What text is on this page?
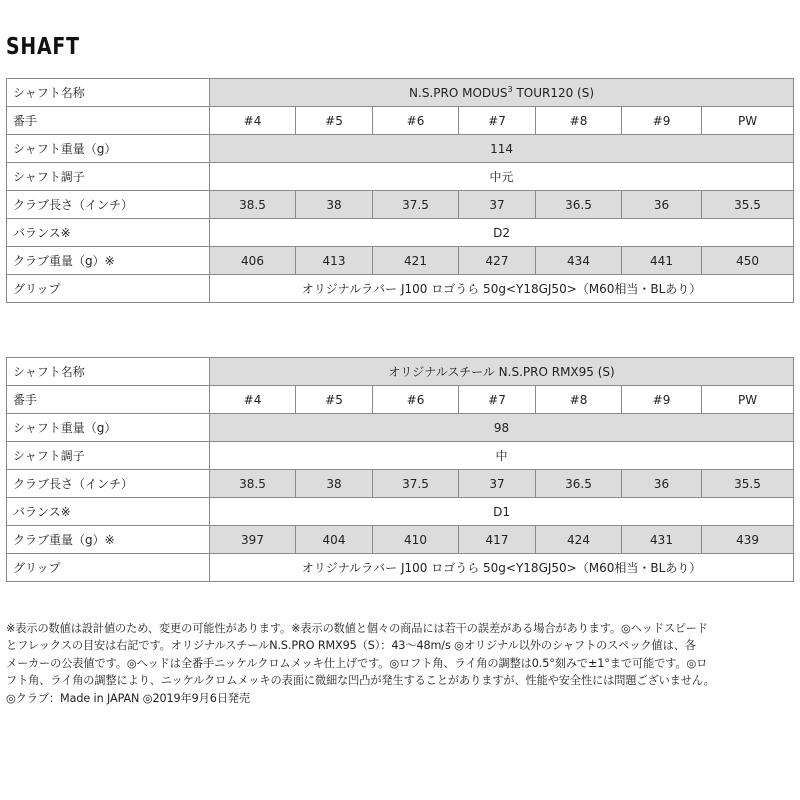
SHAFT
シャフト名称	N.S.PRO MODUS$^3$ TOUR120 (S)						
番手	#4	#5	#6	#7	#8	#9	PW
シャフト重量（g）	114						
シャフト調子	中元						
クラブ長さ（インチ）	38.5	38	37.5	37	36.5	36	35.5
バランス※	D2						
クラブ重量（g）※	406	413	421	427	434	441	450
グリップ	オリジナルラバー J100 ロゴうら 50g<Y18GJ50>（M60相当・BLあり）						
シャフト名称	オリジナルスチール N.S.PRO RMX95 (S)						
番手	#4	#5	#6	#7	#8	#9	PW
シャフト重量（g）	98						
シャフト調子	中						
クラブ長さ（インチ）	38.5	38	37.5	37	36.5	36	35.5
バランス※	D1						
クラブ重量（g）※	397	404	410	417	424	431	439
グリップ	オリジナルラバー J100 ロゴうら 50g<Y18GJ50>（M60相当・BLあり）						
※表示の数値は設計値のため、変更の可能性があります。※表示の数値と個々の商品には若干の誤差がある場合があります。◎ヘッドスピード
とフレックスの目安は右記です。オリジナルスチールN.S.PRO RMX95（S）：43〜48m/s ◎オリジナル以外のシャフトのスペック値は、各
メーカーの公表値です。◎ヘッドは全番手ニッケルクロムメッキ仕上げです。◎ロフト角、ライ角の調整は0.5°刻みで±1°まで可能です。◎ロ
フト角、ライ角の調整により、ニッケルクロムメッキの表面に微細な凹凸が発生することがありますが、性能や安全性には問題ございません。
◎クラブ：Made in JAPAN ◎2019年9月6日発売
